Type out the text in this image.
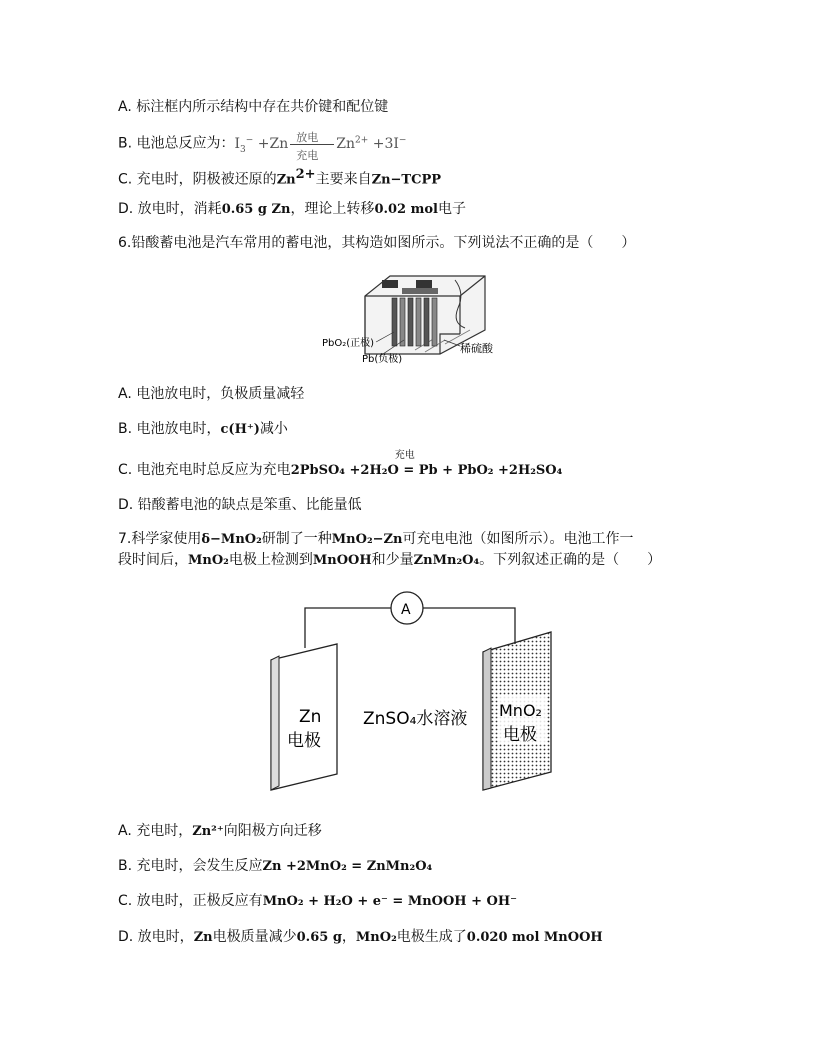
A. 标注框内所示结构中存在共价键和配位键
B. 电池总反应为：$I_3^- +Zn \frac{\text{放电}}{\text{充电}} Zn^{2+} +3I^-$
C. 充电时，阴极被还原的Zn2+主要来自Zn−TCPP
D. 放电时，消耗0.65 g Zn，理论上转移0.02 mol电子
6.铅酸蓄电池是汽车常用的蓄电池，其构造如图所示。下列说法不正确的是（　　）
PbO₂(正极)
Pb(负极)
稀硫酸
A. 电池放电时，负极质量减轻
B. 电池放电时，c(H⁺)减小
C. 电池充电时总反应为充电2PbSO₄ +2H₂O
充电
= Pb + PbO₂ +2H₂SO₄
D. 铅酸蓄电池的缺点是笨重、比能量低
7.科学家使用δ−MnO₂研制了一种MnO₂−Zn可充电电池（如图所示）。电池工作一
段时间后，MnO₂电极上检测到MnOOH和少量ZnMn₂O₄。下列叙述正确的是（　　）
A
Zn
电极
ZnSO₄水溶液 MnO₂
电极
A. 充电时，Zn²⁺向阳极方向迁移
B. 充电时，会发生反应Zn +2MnO₂ = ZnMn₂O₄
C. 放电时，正极反应有MnO₂ + H₂O + e⁻ = MnOOH + OH⁻
D. 放电时，Zn电极质量减少0.65 g，MnO₂电极生成了0.020 mol MnOOH
